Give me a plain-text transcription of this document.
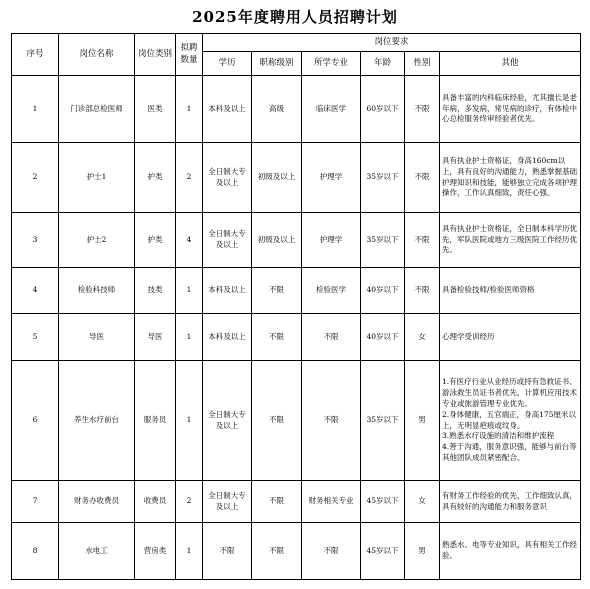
2025年度聘用人员招聘计划
序号	岗位名称	岗位类别	拟聘数量	岗位要求					
				学历	职称级别	所学专业	年龄	性别	其他
1	门诊部总检医师	医类	1	本科及以上	高级	临床医学	60岁以下	不限	具备丰富的内科临床经验，尤其擅长是老年病，多发病，常见病的诊疗，有体检中心总检服务终审经验者优先。

2	护士1	护类	2	全日制大专及以上	初级及以上	护理学	35岁以下	不限	具有执业护士资格证，身高160cm以上，具有良好的沟通能力，熟悉掌握基础护理知识和技能，能够独立完成各项护理操作，工作认真细致，责任心强。

3	护士2	护类	4	全日制大专及以上	初级及以上	护理学	35岁以下	不限	具有执业护士资格证，全日制本科学历优先，军队医院或地方三级医院工作经历优先。

4	检验科技师	技类	1	本科及以上	不限	检验医学	40岁以下	不限	具备检验技师/检验医师资格

5	导医	导医	1	本科及以上	不限	不限	40岁以下	女	心理学受训经历

6	养生水疗前台	服务员	1	全日制大专及以上	不限	不限	35岁以下	男	1.有医疗行业从业经历或持有急救证书、游泳救生员证书者优先，计算机应用技术专业或旅游管理专业优先。
2.身体健康，五官端正，身高175厘米以上，无明显疤痕或纹身。
3.熟悉水疗设施的清洁和维护流程
4.善于沟通，服务意识强，能够与前台等其他团队成员紧密配合。

7	财务办收费员	收费员	2	全日制大专及以上	不限	财务相关专业	45岁以下	女	有财务工作经验的优先，工作细致认真，具有较好的沟通能力和服务意识

8	水电工	营房类	1	不限	不限	不限	45岁以下	男	熟悉水、电等专业知识，具有相关工作经验。
